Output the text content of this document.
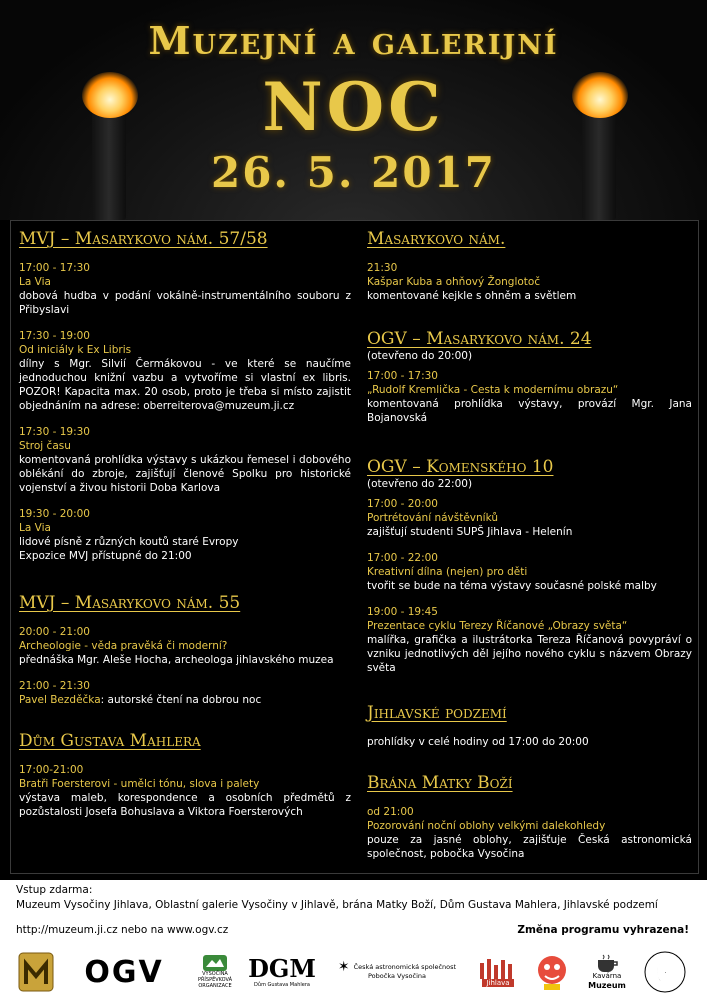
Muzejní a galerijní
NOC
26. 5. 2017
MVJ – Masarykovo nám. 57/58
17:00 - 17:30
La Via
dobová hudba v podání vokálně-instrumentálního souboru z Přibyslavi
17:30 - 19:00
Od iniciály k Ex Libris
dílny s Mgr. Silvií Čermákovou - ve které se naučíme jednoduchou knižní vazbu a vytvoříme si vlastní ex libris. POZOR! Kapacita max. 20 osob, proto je třeba si místo zajistit objednáním na adrese: oberreiterova@muzeum.ji.cz
17:30 - 19:30
Stroj času
komentovaná prohlídka výstavy s ukázkou řemesel i dobového oblékání do zbroje, zajišťují členové Spolku pro historické vojenství a živou historii Doba Karlova
19:30 - 20:00
La Via
lidové písně z různých koutů staré Evropy
Expozice MVJ přístupné do 21:00
MVJ – Masarykovo nám. 55
20:00 - 21:00
Archeologie - věda pravěká či moderní?
přednáška Mgr. Aleše Hocha, archeologa jihlavského muzea
21:00 - 21:30
Pavel Bezděčka: autorské čtení na dobrou noc
Dům Gustava Mahlera
17:00-21:00
Bratři Foersterovi - umělci tónu, slova i palety
výstava maleb, korespondence a osobních předmětů z pozůstalosti Josefa Bohuslava a Viktora Foersterových
Masarykovo nám.
21:30
Kašpar Kuba a ohňový Žonglotoč
komentované kejkle s ohněm a světlem
OGV – Masarykovo nám. 24
(otevřeno do 20:00)
17:00 - 17:30
„Rudolf Kremlička - Cesta k modernímu obrazu“
komentovaná prohlídka výstavy, provází Mgr. Jana Bojanovská
OGV – Komenského 10
(otevřeno do 22:00)
17:00 - 20:00
Portrétování návštěvníků
zajišťují studenti SUPŠ Jihlava - Helenín
17:00 - 22:00
Kreativní dílna (nejen) pro děti
tvořit se bude na téma výstavy současné polské malby
19:00 - 19:45
Prezentace cyklu Terezy Říčanové „Obrazy světa“
malířka, grafička a ilustrátorka Tereza Říčanová povypráví o vzniku jednotlivých děl jejího nového cyklu s názvem Obrazy světa
Jihlavské podzemí
prohlídky v celé hodiny od 17:00 do 20:00
Brána Matky Boží
od 21:00
Pozorování noční oblohy velkými dalekohledy
pouze za jasné oblohy, zajišťuje Česká astronomická společnost, pobočka Vysočina
Vstup zdarma:
Muzeum Vysočiny Jihlava, Oblastní galerie Vysočiny v Jihlavě, brána Matky Boží, Dům Gustava Mahlera, Jihlavské podzemí
http://muzeum.ji.cz nebo na www.ogv.cz	Změna programu vyhrazena!
OGV	VYSOČINA
PŘÍSPĚVKOVÁ
ORGANIZACE
DGM
Dům Gustava Mahlera
✶ Česká astronomická společnost
Pobočka Vysočina
Jihlava
Kavárna
Muzeum
